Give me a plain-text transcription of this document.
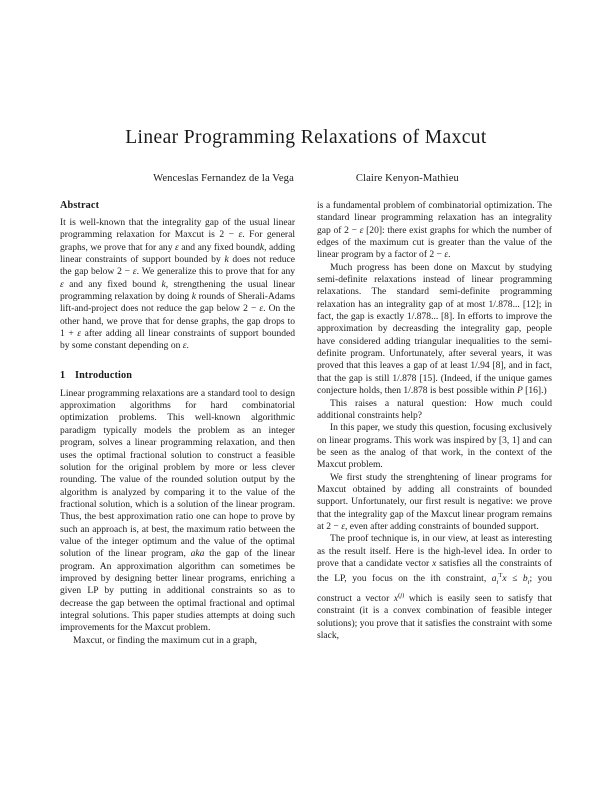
Linear Programming Relaxations of Maxcut
Wenceslas Fernandez de la Vega	Claire Kenyon-Mathieu
Abstract

It is well-known that the integrality gap of the usual linear programming relaxation for Maxcut is 2 − ε. For general graphs, we prove that for any ε and any fixed boundk, adding linear constraints of support bounded by k does not reduce the gap below 2 − ε. We generalize this to prove that for any ε and any fixed bound k, strengthening the usual linear programming relaxation by doing k rounds of Sherali-Adams lift-and-project does not reduce the gap below 2 − ε. On the other hand, we prove that for dense graphs, the gap drops to 1 + ε after adding all linear constraints of support bounded by some constant depending on ε.

1 Introduction

Linear programming relaxations are a standard tool to design approximation algorithms for hard combinatorial optimization problems. This well-known algorithmic paradigm typically models the problem as an integer program, solves a linear programming relaxation, and then uses the optimal fractional solution to construct a feasible solution for the original problem by more or less clever rounding. The value of the rounded solution output by the algorithm is analyzed by comparing it to the value of the fractional solution, which is a solution of the linear program. Thus, the best approximation ratio one can hope to prove by such an approach is, at best, the maximum ratio between the value of the integer optimum and the value of the optimal solution of the linear program, aka the gap of the linear program. An approximation algorithm can sometimes be improved by designing better linear programs, enriching a given LP by putting in additional constraints so as to decrease the gap between the optimal fractional and optimal integral solutions. This paper studies attempts at doing such improvements for the Maxcut problem.

Maxcut, or finding the maximum cut in a graph,

is a fundamental problem of combinatorial optimization. The standard linear programming relaxation has an integrality gap of 2 − ε [20]: there exist graphs for which the number of edges of the maximum cut is greater than the value of the linear program by a factor of 2 − ε.

Much progress has been done on Maxcut by studying semi-definite relaxations instead of linear programming relaxations. The standard semi-definite programming relaxation has an integrality gap of at most 1/.878... [12]; in fact, the gap is exactly 1/.878... [8]. In efforts to improve the approximation by decreasding the integrality gap, people have considered adding triangular inequalities to the semi-definite program. Unfortunately, after several years, it was proved that this leaves a gap of at least 1/.94 [8], and in fact, that the gap is still 1/.878 [15]. (Indeed, if the unique games conjecture holds, then 1/.878 is best possible within P [16].)

This raises a natural question: How much could additional constraints help?

In this paper, we study this question, focusing exclusively on linear programs. This work was inspired by [3, 1] and can be seen as the analog of that work, in the context of the Maxcut problem.

We first study the strenghtening of linear programs for Maxcut obtained by adding all constraints of bounded support. Unfortunately, our first result is negative: we prove that the integrality gap of the Maxcut linear program remains at 2 − ε, even after adding constraints of bounded support.

The proof technique is, in our view, at least as interesting as the result itself. Here is the high-level idea. In order to prove that a candidate vector x satisfies all the constraints of the LP, you focus on the ith constraint, $a_i^Tx \le b_i$; you construct a vector $x^{(j)}$ which is easily seen to satisfy that constraint (it is a convex combination of feasible integer solutions); you prove that it satisfies the constraint with some slack,
